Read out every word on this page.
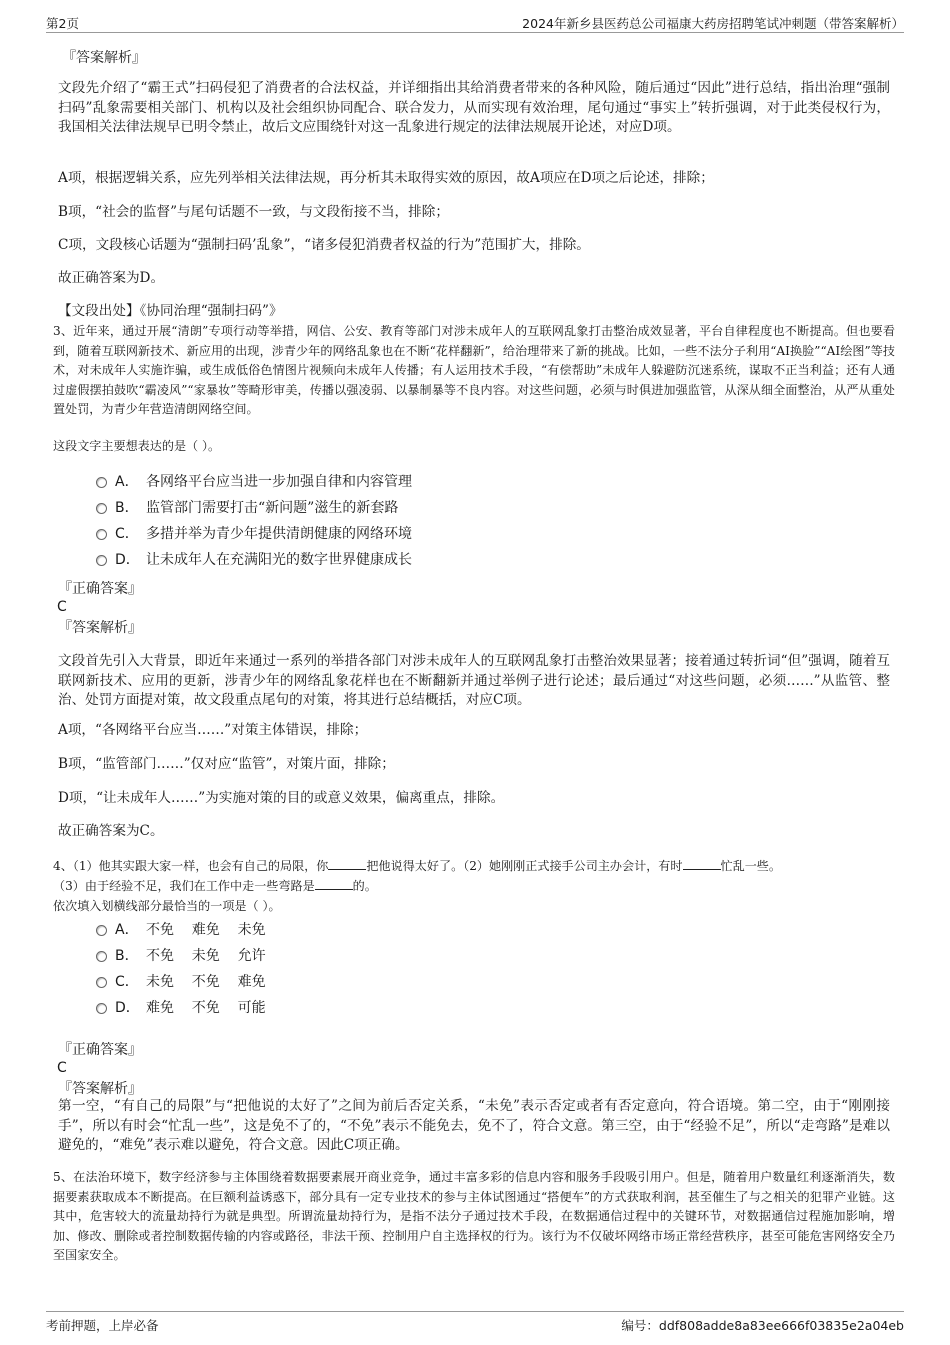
第2页	2024年新乡县医药总公司福康大药房招聘笔试冲刺题（带答案解析）
『答案解析』
文段先介绍了“霸王式”扫码侵犯了消费者的合法权益，并详细指出其给消费者带来的各种风险，随后通过“因此”进行总结，指出治理“强制扫码”乱象需要相关部门、机构以及社会组织协同配合、联合发力，从而实现有效治理，尾句通过“事实上”转折强调，对于此类侵权行为，我国相关法律法规早已明令禁止，故后文应围绕针对这一乱象进行规定的法律法规展开论述，对应D项。
A项，根据逻辑关系，应先列举相关法律法规，再分析其未取得实效的原因，故A项应在D项之后论述，排除；
B项，“社会的监督”与尾句话题不一致，与文段衔接不当，排除；
C项，文段核心话题为“强制扫码’乱象”，“诸多侵犯消费者权益的行为”范围扩大，排除。
故正确答案为D。
【文段出处】《协同治理“强制扫码”》
3、近年来，通过开展“清朗”专项行动等举措，网信、公安、教育等部门对涉未成年人的互联网乱象打击整治成效显著，平台自律程度也不断提高。但也要看到，随着互联网新技术、新应用的出现，涉青少年的网络乱象也在不断“花样翻新”，给治理带来了新的挑战。比如，一些不法分子利用“AI换脸”“AI绘图”等技术，对未成年人实施诈骗，或生成低俗色情图片视频向未成年人传播；有人运用技术手段，“有偿帮助”未成年人躲避防沉迷系统，谋取不正当利益；还有人通过虚假摆拍鼓吹“霸凌风”“家暴妆”等畸形审美，传播以强凌弱、以暴制暴等不良内容。对这些问题，必须与时俱进加强监管，从深从细全面整治，从严从重处置处罚，为青少年营造清朗网络空间。
这段文字主要想表达的是（ ）。
A． 各网络平台应当进一步加强自律和内容管理
B． 监管部门需要打击“新问题”滋生的新套路
C． 多措并举为青少年提供清朗健康的网络环境
D． 让未成年人在充满阳光的数字世界健康成长
『正确答案』
C
『答案解析』
文段首先引入大背景，即近年来通过一系列的举措各部门对涉未成年人的互联网乱象打击整治效果显著；接着通过转折词“但”强调，随着互联网新技术、应用的更新，涉青少年的网络乱象花样也在不断翻新并通过举例子进行论述；最后通过“对这些问题，必须……”从监管、整治、处罚方面提对策，故文段重点尾句的对策，将其进行总结概括，对应C项。
A项，“各网络平台应当……”对策主体错误，排除；
B项，“监管部门……”仅对应“监管”，对策片面，排除；
D项，“让未成年人……”为实施对策的目的或意义效果，偏离重点，排除。
故正确答案为C。
4、（1）他其实跟大家一样，也会有自己的局限，你	把他说得太好了。（2）她刚刚正式接手公司主办会计，有时	忙乱一些。
（3）由于经验不足，我们在工作中走一些弯路是	的。
依次填入划横线部分最恰当的一项是（ ）。
A． 不免    难免    未免
B． 不免    未免    允许
C． 未免    不免    难免
D． 难免    不免    可能
『正确答案』
C
『答案解析』
第一空，“有自己的局限”与“把他说的太好了”之间为前后否定关系，“未免”表示否定或者有否定意向，符合语境。第二空，由于“刚刚接手”，所以有时会“忙乱一些”，这是免不了的，“不免”表示不能免去，免不了，符合文意。第三空，由于“经验不足”，所以“走弯路”是难以避免的，“难免”表示难以避免，符合文意。因此C项正确。
5、在法治环境下，数字经济参与主体围绕着数据要素展开商业竞争，通过丰富多彩的信息内容和服务手段吸引用户。但是，随着用户数量红利逐渐消失，数据要素获取成本不断提高。在巨额利益诱惑下，部分具有一定专业技术的参与主体试图通过“搭便车”的方式获取利润，甚至催生了与之相关的犯罪产业链。这其中，危害较大的流量劫持行为就是典型。所谓流量劫持行为，是指不法分子通过技术手段，在数据通信过程中的关键环节，对数据通信过程施加影响，增加、修改、删除或者控制数据传输的内容或路径，非法干预、控制用户自主选择权的行为。该行为不仅破坏网络市场正常经营秩序，甚至可能危害网络安全乃至国家安全。
考前押题，上岸必备	编号：ddf808adde8a83ee666f03835e2a04eb
